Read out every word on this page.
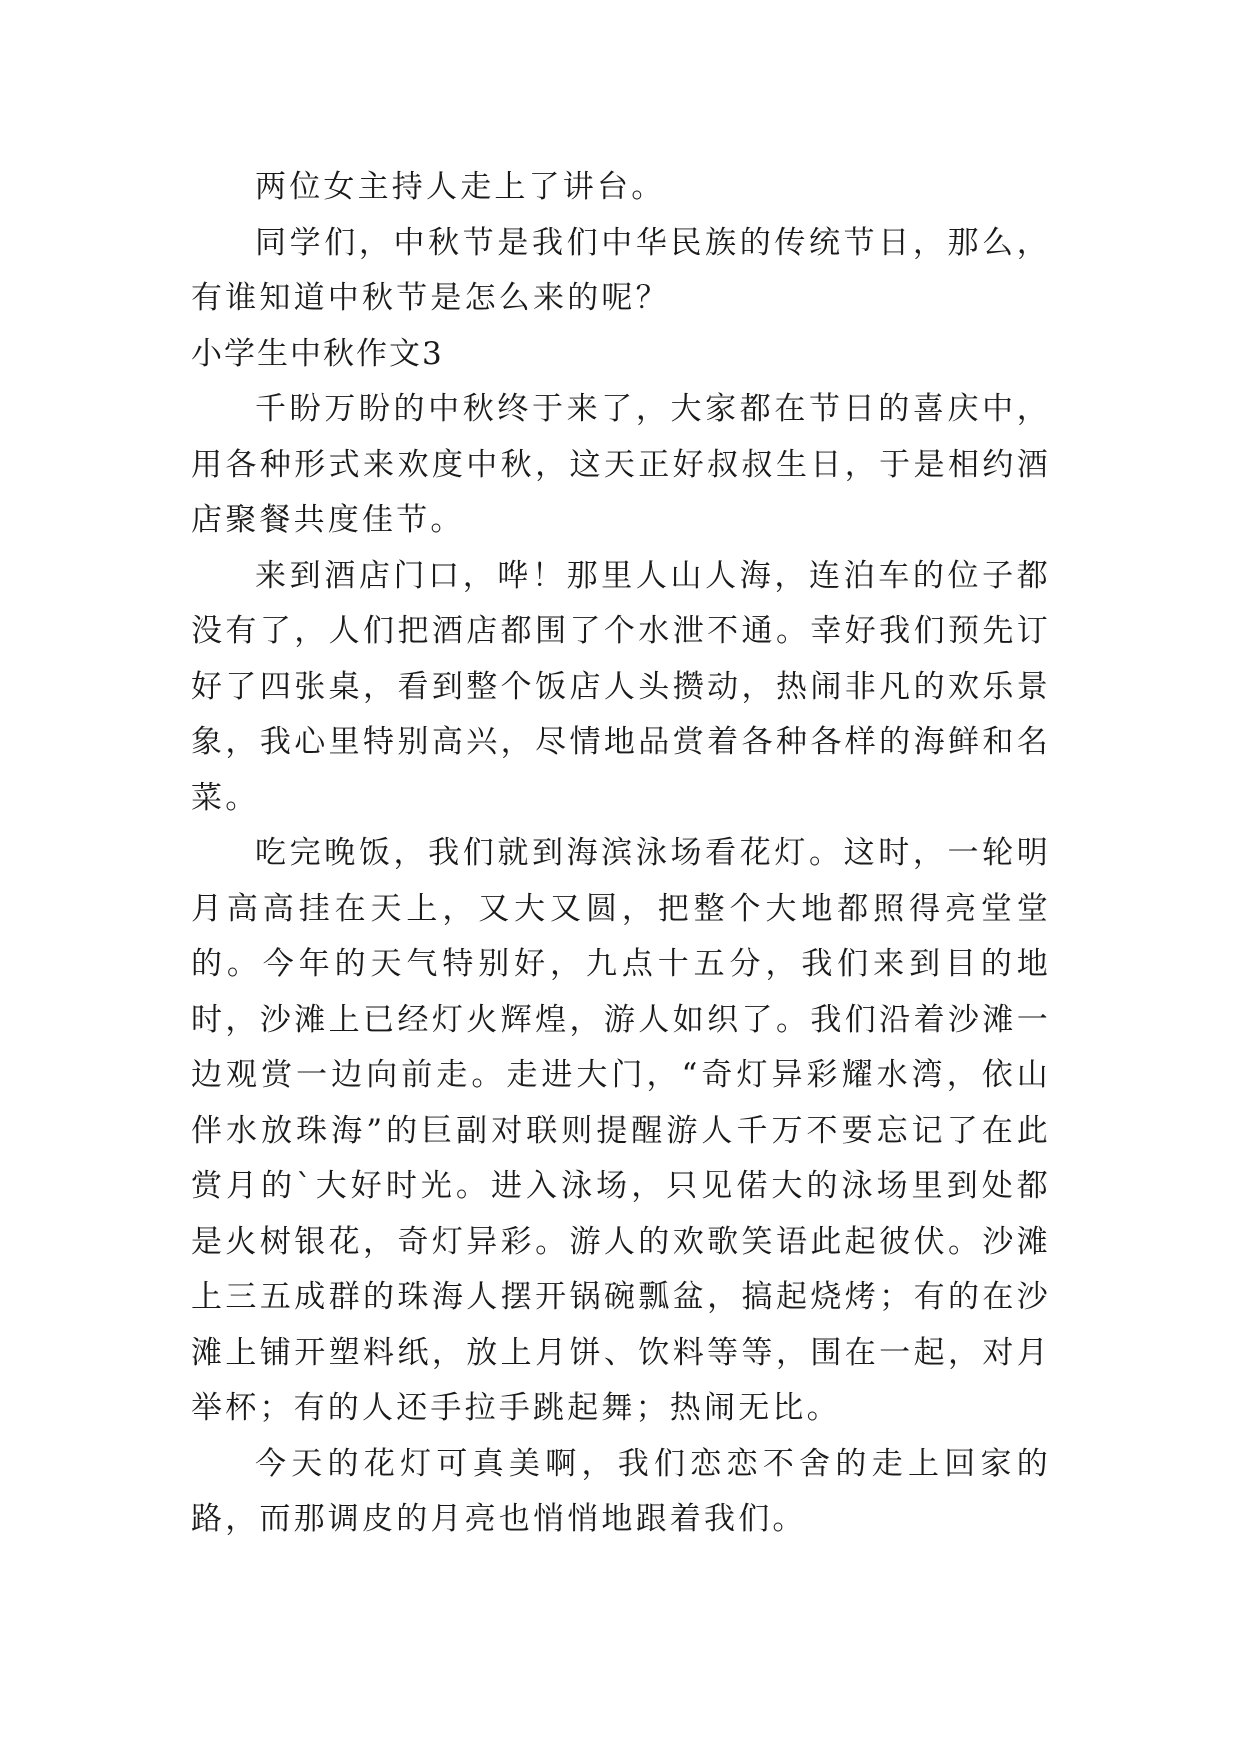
两位女主持人走上了讲台。

同学们，中秋节是我们中华民族的传统节日，那么，有谁知道中秋节是怎么来的呢？

小学生中秋作文3

千盼万盼的中秋终于来了，大家都在节日的喜庆中，用各种形式来欢度中秋，这天正好叔叔生日，于是相约酒店聚餐共度佳节。

来到酒店门口，哗！那里人山人海，连泊车的位子都没有了，人们把酒店都围了个水泄不通。幸好我们预先订好了四张桌，看到整个饭店人头攒动，热闹非凡的欢乐景象，我心里特别高兴，尽情地品赏着各种各样的海鲜和名菜。

吃完晚饭，我们就到海滨泳场看花灯。这时，一轮明月高高挂在天上，又大又圆，把整个大地都照得亮堂堂的。今年的天气特别好，九点十五分，我们来到目的地时，沙滩上已经灯火辉煌，游人如织了。我们沿着沙滩一边观赏一边向前走。走进大门，“奇灯异彩耀水湾，依山伴水放珠海”的巨副对联则提醒游人千万不要忘记了在此赏月的`大好时光。进入泳场，只见偌大的泳场里到处都是火树银花，奇灯异彩。游人的欢歌笑语此起彼伏。沙滩上三五成群的珠海人摆开锅碗瓢盆，搞起烧烤；有的在沙滩上铺开塑料纸，放上月饼、饮料等等，围在一起，对月举杯；有的人还手拉手跳起舞；热闹无比。

今天的花灯可真美啊，我们恋恋不舍的走上回家的路，而那调皮的月亮也悄悄地跟着我们。
